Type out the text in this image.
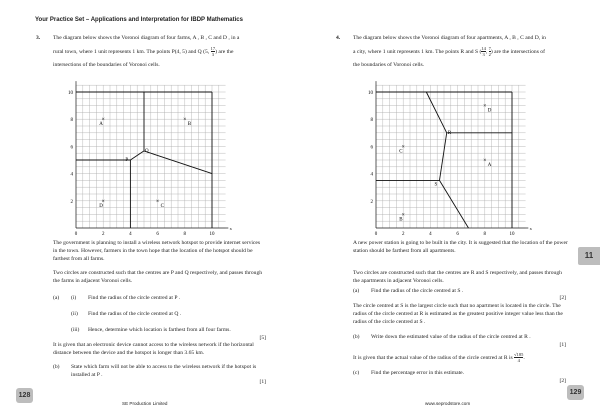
Your Practice Set – Applications and Interpretation for IBDP Mathematics
3. The diagram below shows the Voronoi diagram of four farms, A , B , C and D , in a
rural town, where 1 unit represents 1 km. The points P(4, 5) and Q (5, $\frac{17}{3}$ ) are the
intersections of the boundaries of Voronoi cells.
0	2
2
4
4
6
6
8
8
10
10
x
×
A
×
B
×
C
×
D
P
Q
The government is planning to install a wireless network hotspot to provide internet services in the town. However, farmers in the town hope that the location of the hotspot should be farthest from all farms.
Two circles are constructed such that the centres are P and Q respectively, and passes through the farms in adjacent Voronoi cells.
(a) (i) Find the radius of the circle centred at P .
(ii) Find the radius of the circle centred at Q .
(iii) Hence, determine which location is farthest from all four farms.
[5]
It is given that an electronic device cannot access to the wireless network if the horizontal distance between the device and the hotspot is longer than 3.65 km.
(b) State which farm will not be able to access to the wireless network if the hotspot is installed at P .
[1]
128
SE Production Limited
4. The diagram below shows the Voronoi diagram of four apartments, A , B , C and D, in
a city, where 1 unit represents 1 km. The points R and S ( $\frac{14}{3}$ , $\frac{7}{2}$ ) are the intersections of
the boundaries of Voronoi cells.
0	2
2
4
4
6
6
8
8
10
10
x
×
A
×
B
×
C
×
D
R
S
A new power station is going to be built in the city. It is suggested that the location of the power station should be farthest from all apartments.
Two circles are constructed such that the centres are R and S respectively, and passes through the apartments in adjacent Voronoi cells.
(a) Find the radius of the circle centred at S .
[2]
The circle centred at S is the largest circle such that no apartment is located in the circle. The radius of the circle centred at R is estimated as the greatest positive integer value less than the radius of the circle centred at S .
(b) Write down the estimated value of the radius of the circle centred at R .
[1]
It is given that the actual value of the radius of the circle centred at R is $\frac{√185}{4}$ .
(c) Find the percentage error in this estimate.
[2]
129
www.seprodstore.com
11
